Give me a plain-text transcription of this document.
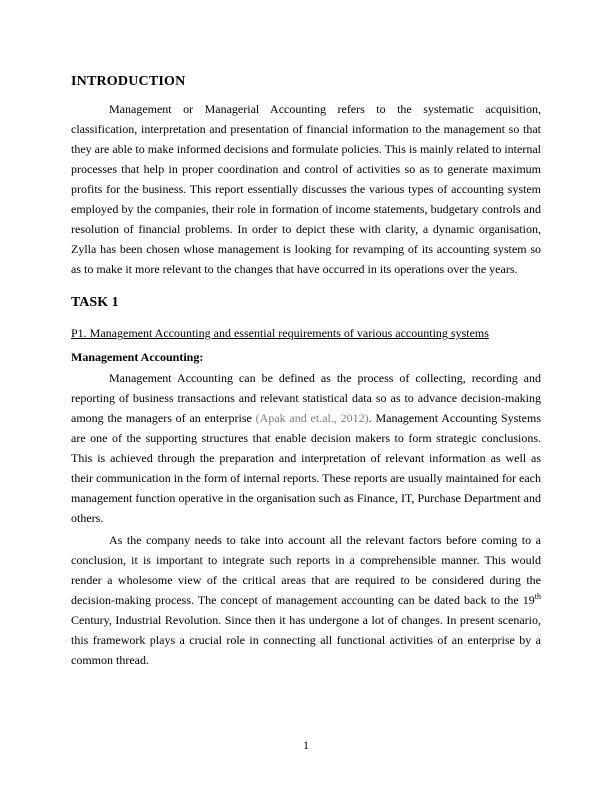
INTRODUCTION

Management or Managerial Accounting refers to the systematic acquisition, classification, interpretation and presentation of financial information to the management so that they are able to make informed decisions and formulate policies. This is mainly related to internal processes that help in proper coordination and control of activities so as to generate maximum profits for the business. This report essentially discusses the various types of accounting system employed by the companies, their role in formation of income statements, budgetary controls and resolution of financial problems. In order to depict these with clarity, a dynamic organisation, Zylla has been chosen whose management is looking for revamping of its accounting system so as to make it more relevant to the changes that have occurred in its operations over the years.

TASK 1
P1. Management Accounting and essential requirements of various accounting systems
Management Accounting:

Management Accounting can be defined as the process of collecting, recording and reporting of business transactions and relevant statistical data so as to advance decision-making among the managers of an enterprise (Apak and et.al., 2012). Management Accounting Systems are one of the supporting structures that enable decision makers to form strategic conclusions. This is achieved through the preparation and interpretation of relevant information as well as their communication in the form of internal reports. These reports are usually maintained for each management function operative in the organisation such as Finance, IT, Purchase Department and others.

As the company needs to take into account all the relevant factors before coming to a conclusion, it is important to integrate such reports in a comprehensible manner. This would render a wholesome view of the critical areas that are required to be considered during the decision-making process. The concept of management accounting can be dated back to the 19th Century, Industrial Revolution. Since then it has undergone a lot of changes. In present scenario, this framework plays a crucial role in connecting all functional activities of an enterprise by a common thread.

1
